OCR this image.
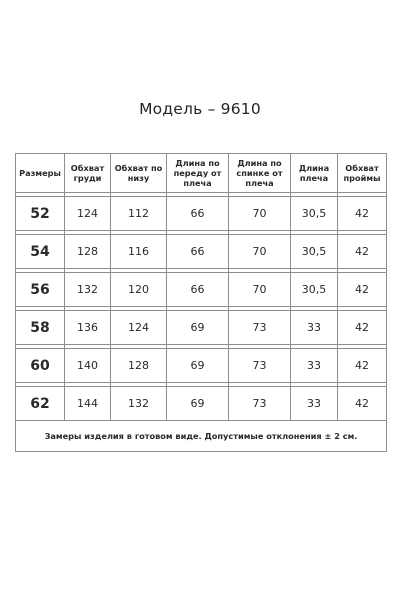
Модель – 9610
Размеры	Обхват груди	Обхват по низу	Длина по переду от плеча	Длина по спинке от плеча	Длина плеча	Обхват проймы

52	124	112	66	70	30,5	42

54	128	116	66	70	30,5	42

56	132	120	66	70	30,5	42

58	136	124	69	73	33	42

60	140	128	69	73	33	42

62	144	132	69	73	33	42
Замеры изделия в готовом виде. Допустимые отклонения ± 2 см.						
